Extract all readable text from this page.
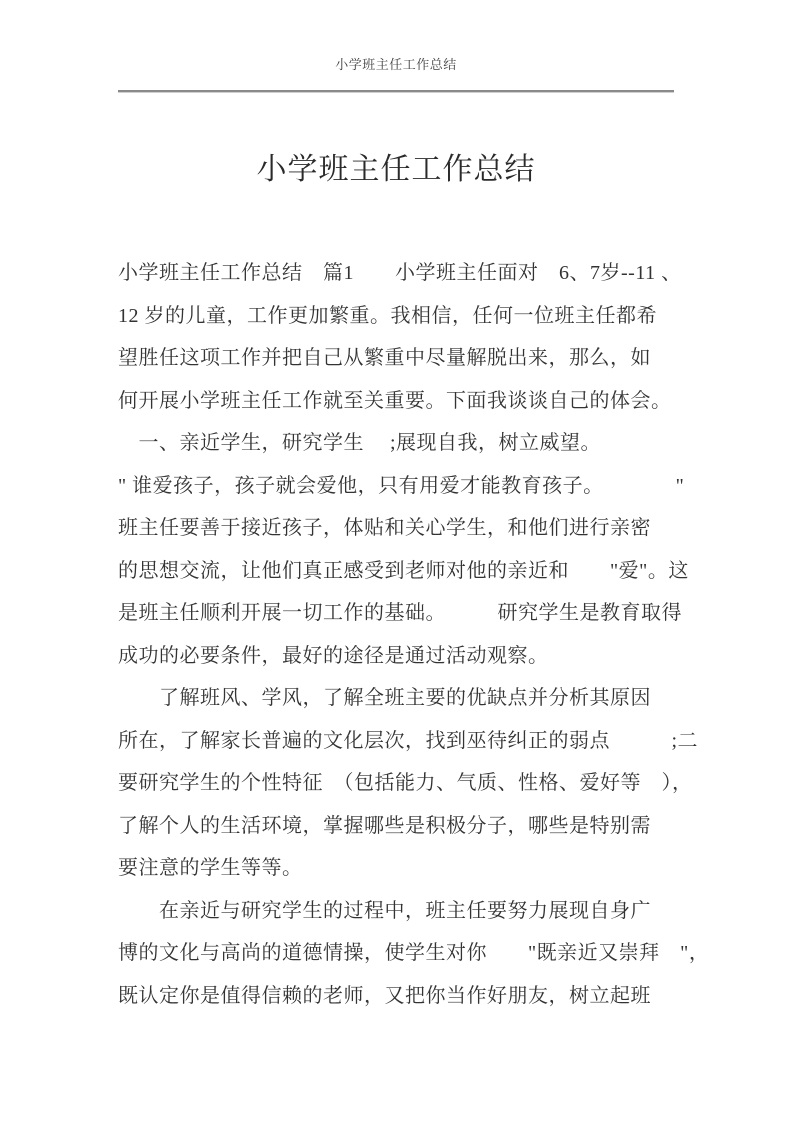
小学班主任工作总结
小学班主任工作总结
小学班主任工作总结　篇1　　小学班主任面对　6、7岁--11 、
12 岁的儿童，工作更加繁重。我相信，任何一位班主任都希
望胜任这项工作并把自己从繁重中尽量解脱出来，那么，如
何开展小学班主任工作就至关重要。下面我谈谈自己的体会。
　一、亲近学生，研究学生　 ;展现自我，树立威望。
" 谁爱孩子，孩子就会爱他，只有用爱才能教育孩子。　　　　"
班主任要善于接近孩子，体贴和关心学生，和他们进行亲密
的思想交流，让他们真正感受到老师对他的亲近和　　"爱"。这
是班主任顺利开展一切工作的基础。　　　研究学生是教育取得
成功的必要条件，最好的途径是通过活动观察。
　　了解班风、学风，了解全班主要的优缺点并分析其原因
所在，了解家长普遍的文化层次，找到巫待纠正的弱点　　　;二
要研究学生的个性特征　（包括能力、气质、性格、爱好等　），
了解个人的生活环境，掌握哪些是积极分子，哪些是特别需
要注意的学生等等。
　　在亲近与研究学生的过程中，班主任要努力展现自身广
博的文化与高尚的道德情操，使学生对你　　"既亲近又崇拜　"，
既认定你是值得信赖的老师，又把你当作好朋友，树立起班
